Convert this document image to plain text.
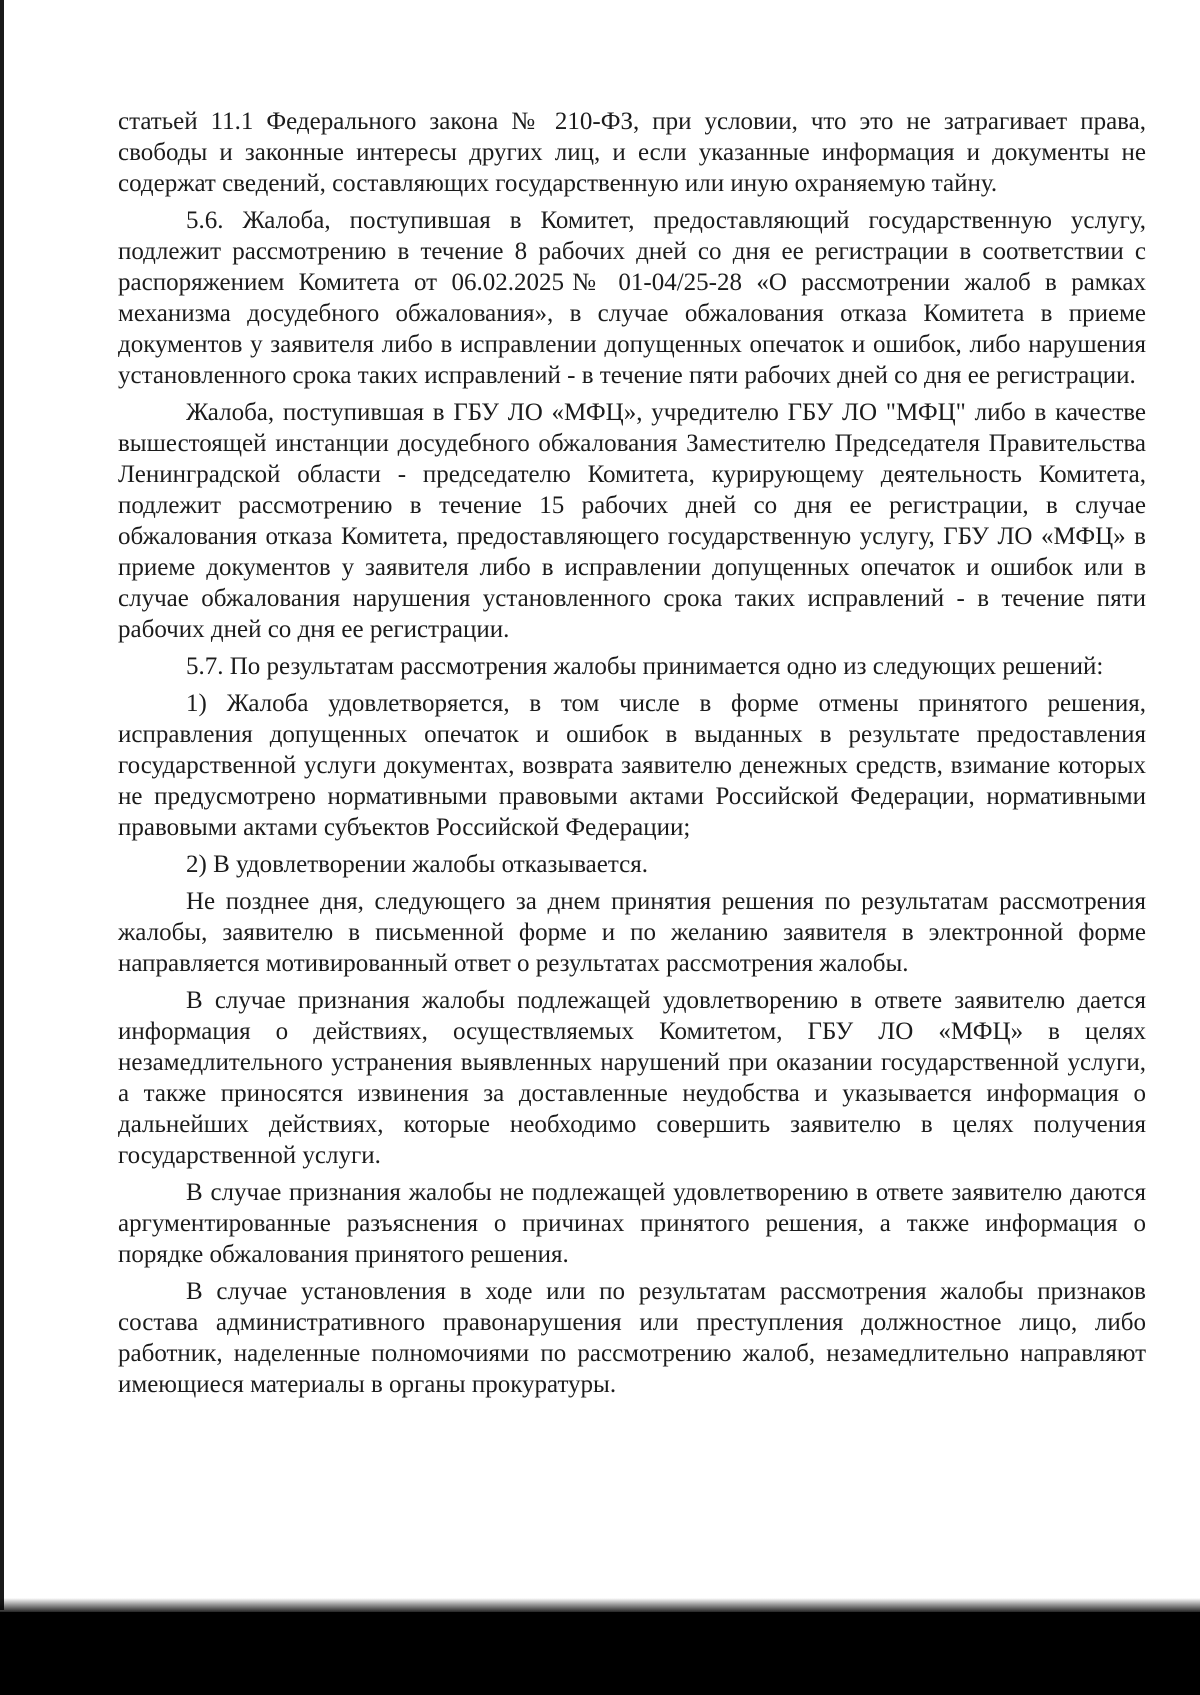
статьей 11.1 Федерального закона № 210-ФЗ, при условии, что это не затрагивает права, свободы и законные интересы других лиц, и если указанные информация и документы не содержат сведений, составляющих государственную или иную охраняемую тайну.

5.6. Жалоба, поступившая в Комитет, предоставляющий государственную услугу, подлежит рассмотрению в течение 8 рабочих дней со дня ее регистрации в соответствии с распоряжением Комитета от 06.02.2025№ 01-04/25-28 «О рассмотрении жалоб в рамках механизма досудебного обжалования», в случае обжалования отказа Комитета в приеме документов у заявителя либо в исправлении допущенных опечаток и ошибок, либо нарушения установленного срока таких исправлений - в течение пяти рабочих дней со дня ее регистрации.

Жалоба, поступившая в ГБУ ЛО «МФЦ», учредителю ГБУ ЛО "МФЦ" либо в качестве вышестоящей инстанции досудебного обжалования Заместителю Председателя Правительства Ленинградской области - председателю Комитета, курирующему деятельность Комитета, подлежит рассмотрению в течение 15 рабочих дней со дня ее регистрации, в случае обжалования отказа Комитета, предоставляющего государственную услугу, ГБУ ЛО «МФЦ» в приеме документов у заявителя либо в исправлении допущенных опечаток и ошибок или в случае обжалования нарушения установленного срока таких исправлений - в течение пяти рабочих дней со дня ее регистрации.

5.7. По результатам рассмотрения жалобы принимается одно из следующих решений:

1) Жалоба удовлетворяется, в том числе в форме отмены принятого решения, исправления допущенных опечаток и ошибок в выданных в результате предоставления государственной услуги документах, возврата заявителю денежных средств, взимание которых не предусмотрено нормативными правовыми актами Российской Федерации, нормативными правовыми актами субъектов Российской Федерации;

2) В удовлетворении жалобы отказывается.

Не позднее дня, следующего за днем принятия решения по результатам рассмотрения жалобы, заявителю в письменной форме и по желанию заявителя в электронной форме направляется мотивированный ответ о результатах рассмотрения жалобы.

В случае признания жалобы подлежащей удовлетворению в ответе заявителю дается информация о действиях, осуществляемых Комитетом, ГБУ ЛО «МФЦ» в целях незамедлительного устранения выявленных нарушений при оказании государственной услуги, а также приносятся извинения за доставленные неудобства и указывается информация о дальнейших действиях, которые необходимо совершить заявителю в целях получения государственной услуги.

В случае признания жалобы не подлежащей удовлетворению в ответе заявителю даются аргументированные разъяснения о причинах принятого решения, а также информация о порядке обжалования принятого решения.

В случае установления в ходе или по результатам рассмотрения жалобы признаков состава административного правонарушения или преступления должностное лицо, либо работник, наделенные полномочиями по рассмотрению жалоб, незамедлительно направляют имеющиеся материалы в органы прокуратуры.
